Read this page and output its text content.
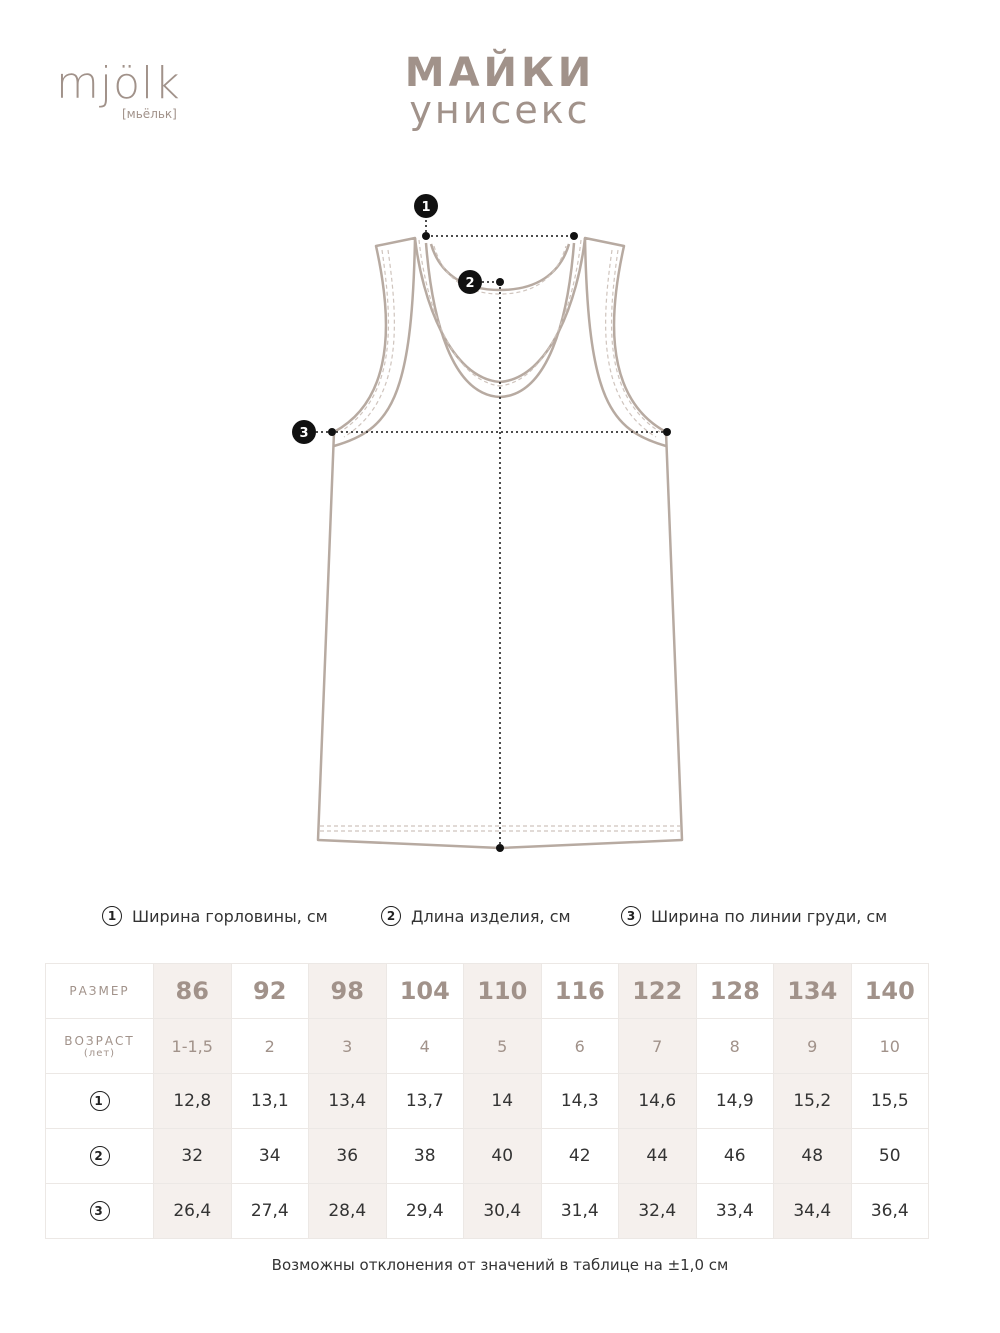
mjölk
[мьёльк]
МАЙКИ
унисекс
1
2
3
1 Ширина горловины, см	2 Длина изделия, см	3 Ширина по линии груди, см
РАЗМЕР	86	92	98	104	110	116	122	128	134	140
ВОЗРАСТ
(лет)	1-1,5	2	3	4	5	6	7	8	9	10
1	12,8	13,1	13,4	13,7	14	14,3	14,6	14,9	15,2	15,5
2	32	34	36	38	40	42	44	46	48	50
3	26,4	27,4	28,4	29,4	30,4	31,4	32,4	33,4	34,4	36,4
Возможны отклонения от значений в таблице на ±1,0 см
